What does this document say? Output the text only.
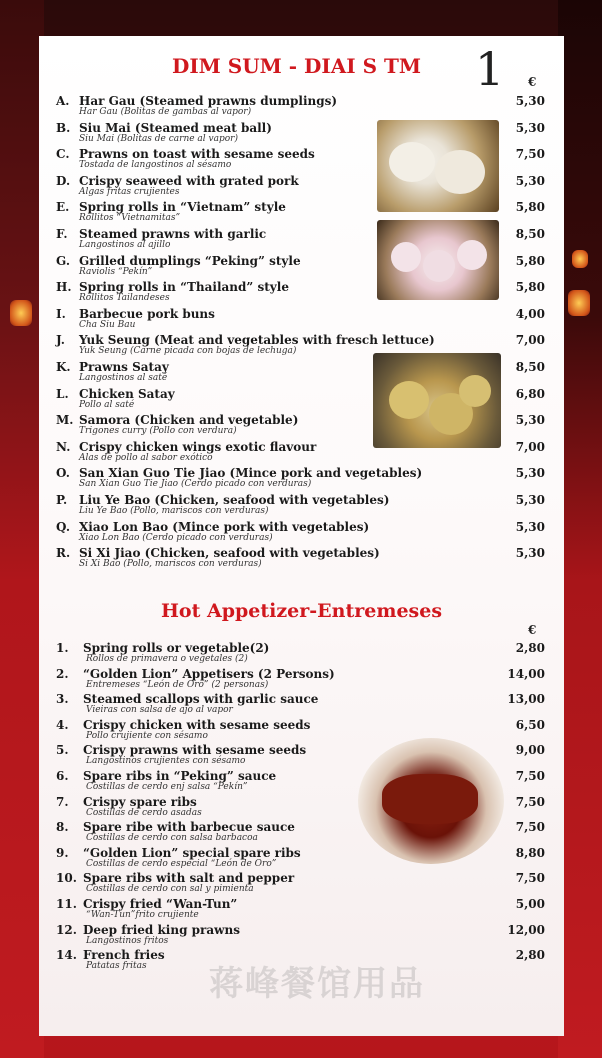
DIM SUM - DIAI S TM	1 €
A. Har Gau (Steamed prawns dumplings)
Har Gau (Bolitas de gambas al vapor)
5,30
B. Siu Mai (Steamed meat ball)
Siu Mai (Bolitas de carne al vapor)
5,30
C. Prawns on toast with sesame seeds
Tostada de langostinos al sésamo
7,50
D. Crispy seaweed with grated pork
Algas fritas crujientes
5,30
E. Spring rolls in “Vietnam” style
Rollitos “Vietnamitas”
5,80
F. Steamed prawns with garlic
Langostinos al ajillo
8,50
G. Grilled dumplings “Peking” style
Raviolis “Pekín”
5,80
H. Spring rolls in “Thailand” style
Rollitos Tailandeses
5,80
I. Barbecue pork buns
Cha Siu Bau
4,00
J. Yuk Seung (Meat and vegetables with fresch lettuce)
Yuk Seung (Carne picada con bojas de lechuga)
7,00
K. Prawns Satay
Langostinos al saté
8,50
L. Chicken Satay
Pollo al saté
6,80
M. Samora (Chicken and vegetable)
Trigones curry (Pollo con verdura)
5,30
N. Crispy chicken wings exotic flavour
Alas de pollo al sabor exótico
7,00
O. San Xian Guo Tie Jiao (Mince pork and vegetables)
San Xian Guo Tie Jiao (Cerdo picado con verduras)
5,30
P. Liu Ye Bao (Chicken, seafood with vegetables)
Liu Ye Bao (Pollo, mariscos con verduras)
5,30
Q. Xiao Lon Bao (Mince pork with vegetables)
Xiao Lon Bao (Cerdo picado con verduras)
5,30
R. Si Xi Jiao (Chicken, seafood with vegetables)
Si Xi Bao (Pollo, mariscos con verduras)
5,30
Hot Appetizer-Entremeses
€
1. Spring rolls or vegetable(2)
Rollos de primavera o vegetales (2)
2,80
2. “Golden Lion” Appetisers (2 Persons)
Entremeses “León de Oro” (2 personas)
14,00
3. Steamed scallops with garlic sauce
Vieiras con salsa de ajo al vapor
13,00
4. Crispy chicken with sesame seeds
Pollo crujiente con sésamo
6,50
5. Crispy prawns with sesame seeds
Langostinos crujientes con sésamo
9,00
6. Spare ribs in “Peking” sauce
Costillas de cerdo enj salsa “Pekín”
7,50
7. Crispy spare ribs
Costillas de cerdo asadas
7,50
8. Spare ribe with barbecue sauce
Costillas de cerdo con salsa barbacoa
7,50
9. “Golden Lion” special spare ribs
Costillas de cerdo especial “León de Oro”
8,80
10. Spare ribs with salt and pepper
Costillas de cerdo con sal y pimienta
7,50
11. Crispy fried “Wan-Tun”
“Wan-Tun”frito crujiente
5,00
12. Deep fried king prawns
Langostinos fritos
12,00
14. French fries
Patatas fritas
2,80
蒋峰餐馆用品
